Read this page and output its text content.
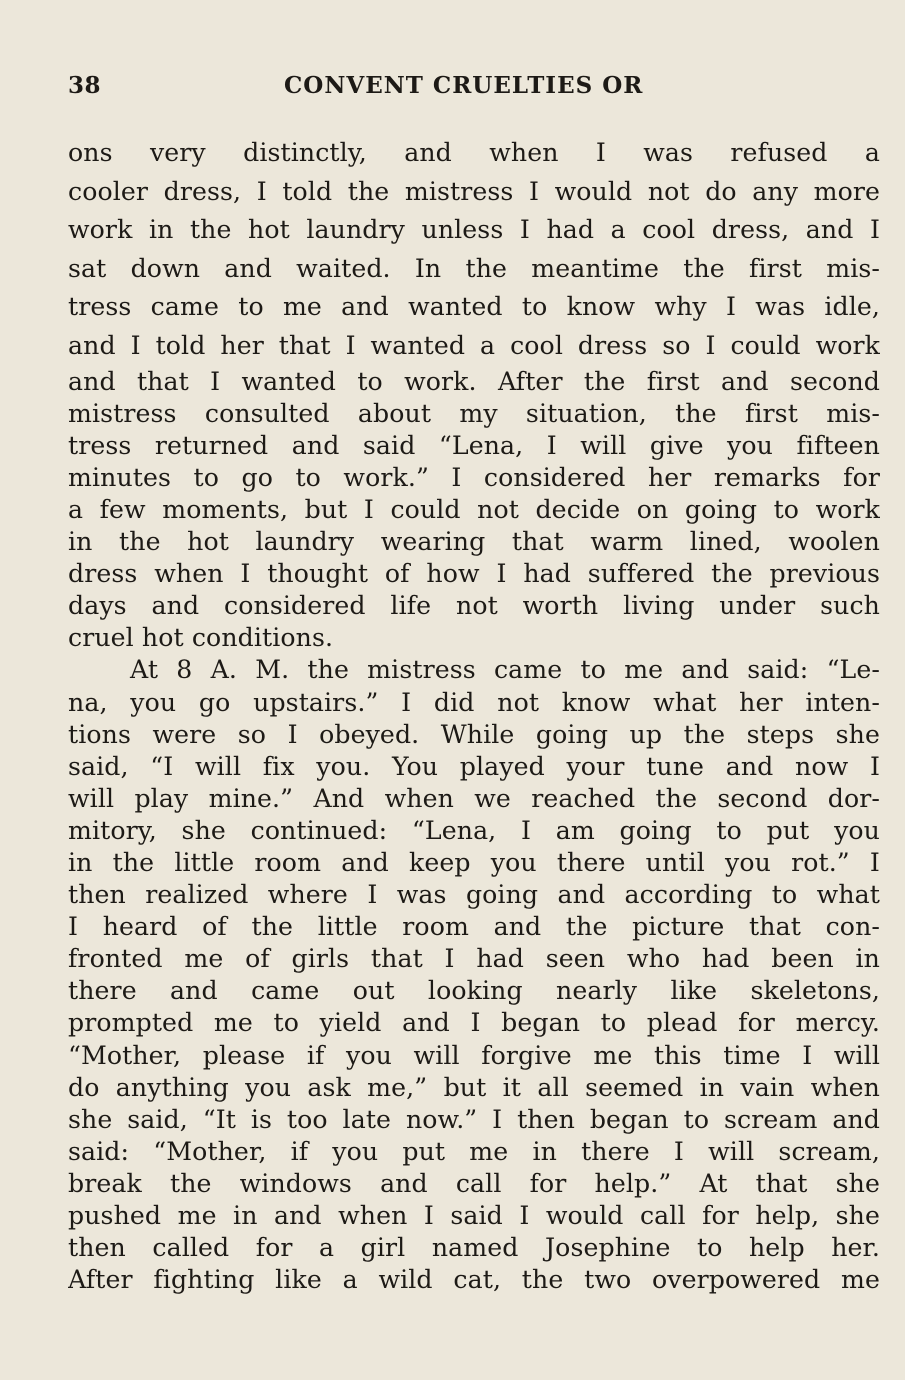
38	CONVENT CRUELTIES OR
ons very distinctly, and when I was refused a
cooler dress, I told the mistress I would not do any more
work in the hot laundry unless I had a cool dress, and I
sat down and waited. In the meantime the first mis-
tress came to me and wanted to know why I was idle,
and I told her that I wanted a cool dress so I could work
and that I wanted to work. After the first and second
mistress consulted about my situation, the first mis-
tress returned and said “Lena, I will give you fifteen
minutes to go to work.” I considered her remarks for
a few moments, but I could not decide on going to work
in the hot laundry wearing that warm lined, woolen
dress when I thought of how I had suffered the previous
days and considered life not worth living under such
cruel hot conditions.
At 8 A. M. the mistress came to me and said: “Le-
na, you go upstairs.” I did not know what her inten-
tions were so I obeyed. While going up the steps she
said, “I will fix you. You played your tune and now I
will play mine.” And when we reached the second dor-
mitory, she continued: “Lena, I am going to put you
in the little room and keep you there until you rot.” I
then realized where I was going and according to what
I heard of the little room and the picture that con-
fronted me of girls that I had seen who had been in
there and came out looking nearly like skeletons,
prompted me to yield and I began to plead for mercy.
“Mother, please if you will forgive me this time I will
do anything you ask me,” but it all seemed in vain when
she said, “It is too late now.” I then began to scream and
said: “Mother, if you put me in there I will scream,
break the windows and call for help.” At that she
pushed me in and when I said I would call for help, she
then called for a girl named Josephine to help her.
After fighting like a wild cat, the two overpowered me
